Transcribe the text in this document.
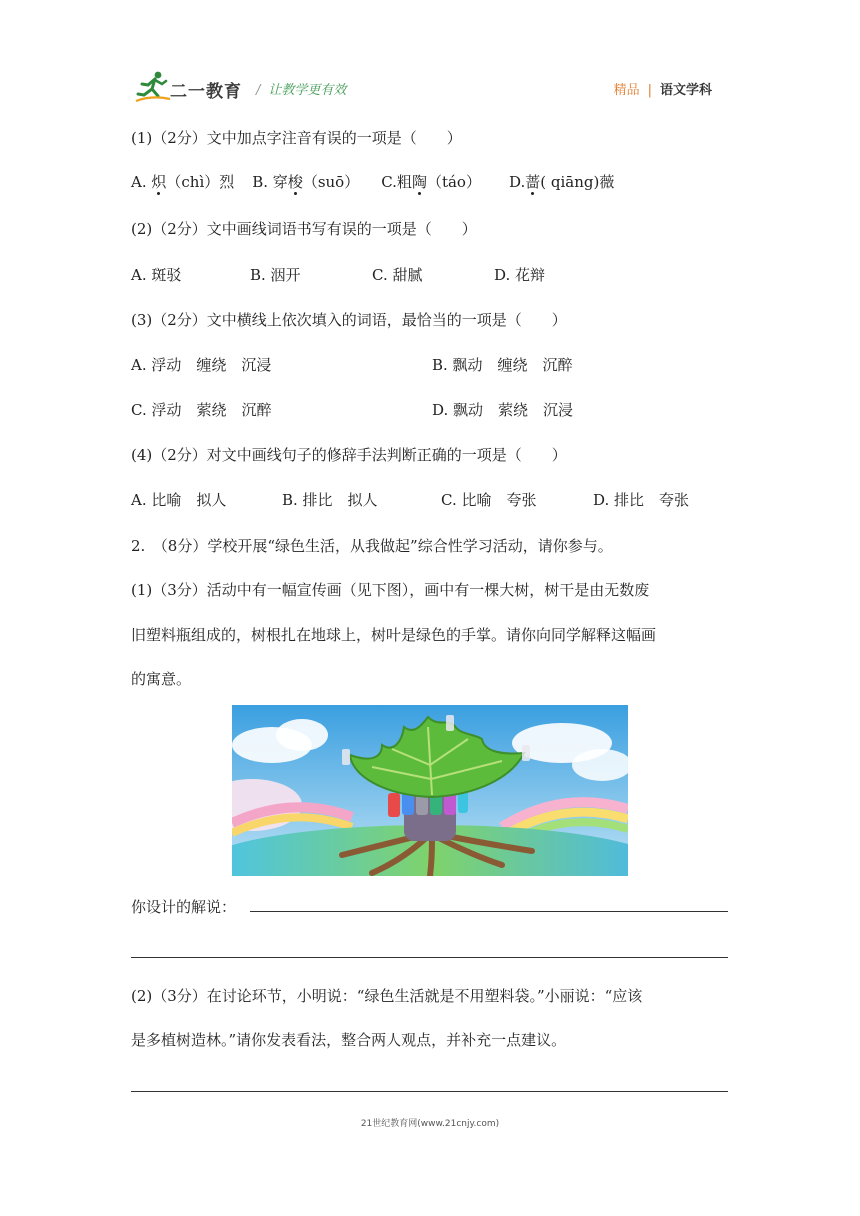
二一教育 / 让教学更有效	精品 | 语文学科
(1)（2分）文中加点字注音有误的一项是（　　）
A. 炽（chì）烈 B. 穿梭（suō） C.粗陶（táo） D.蔷( qiāng)薇
(2)（2分）文中画线词语书写有误的一项是（　　）
A. 斑驳	B. 洇开	C. 甜腻	D. 花辩
(3)（2分）文中横线上依次填入的词语，最恰当的一项是（　　）
A. 浮动　缠绕　沉浸	B. 飘动　缠绕　沉醉
C. 浮动　萦绕　沉醉	D. 飘动　萦绕　沉浸
(4)（2分）对文中画线句子的修辞手法判断正确的一项是（　　）
A. 比喻　拟人	B. 排比　拟人	C. 比喻　夸张	D. 排比　夸张
2.　（8分）学校开展“绿色生活，从我做起”综合性学习活动，请你参与。
(1)（3分）活动中有一幅宣传画（见下图），画中有一棵大树，树干是由无数废
旧塑料瓶组成的，树根扎在地球上，树叶是绿色的手掌。请你向同学解释这幅画
的寓意。
你设计的解说：
(2)（3分）在讨论环节，小明说：“绿色生活就是不用塑料袋。”小丽说：“应该
是多植树造林。”请你发表看法，整合两人观点，并补充一点建议。
21世纪教育网(www.21cnjy.com)
